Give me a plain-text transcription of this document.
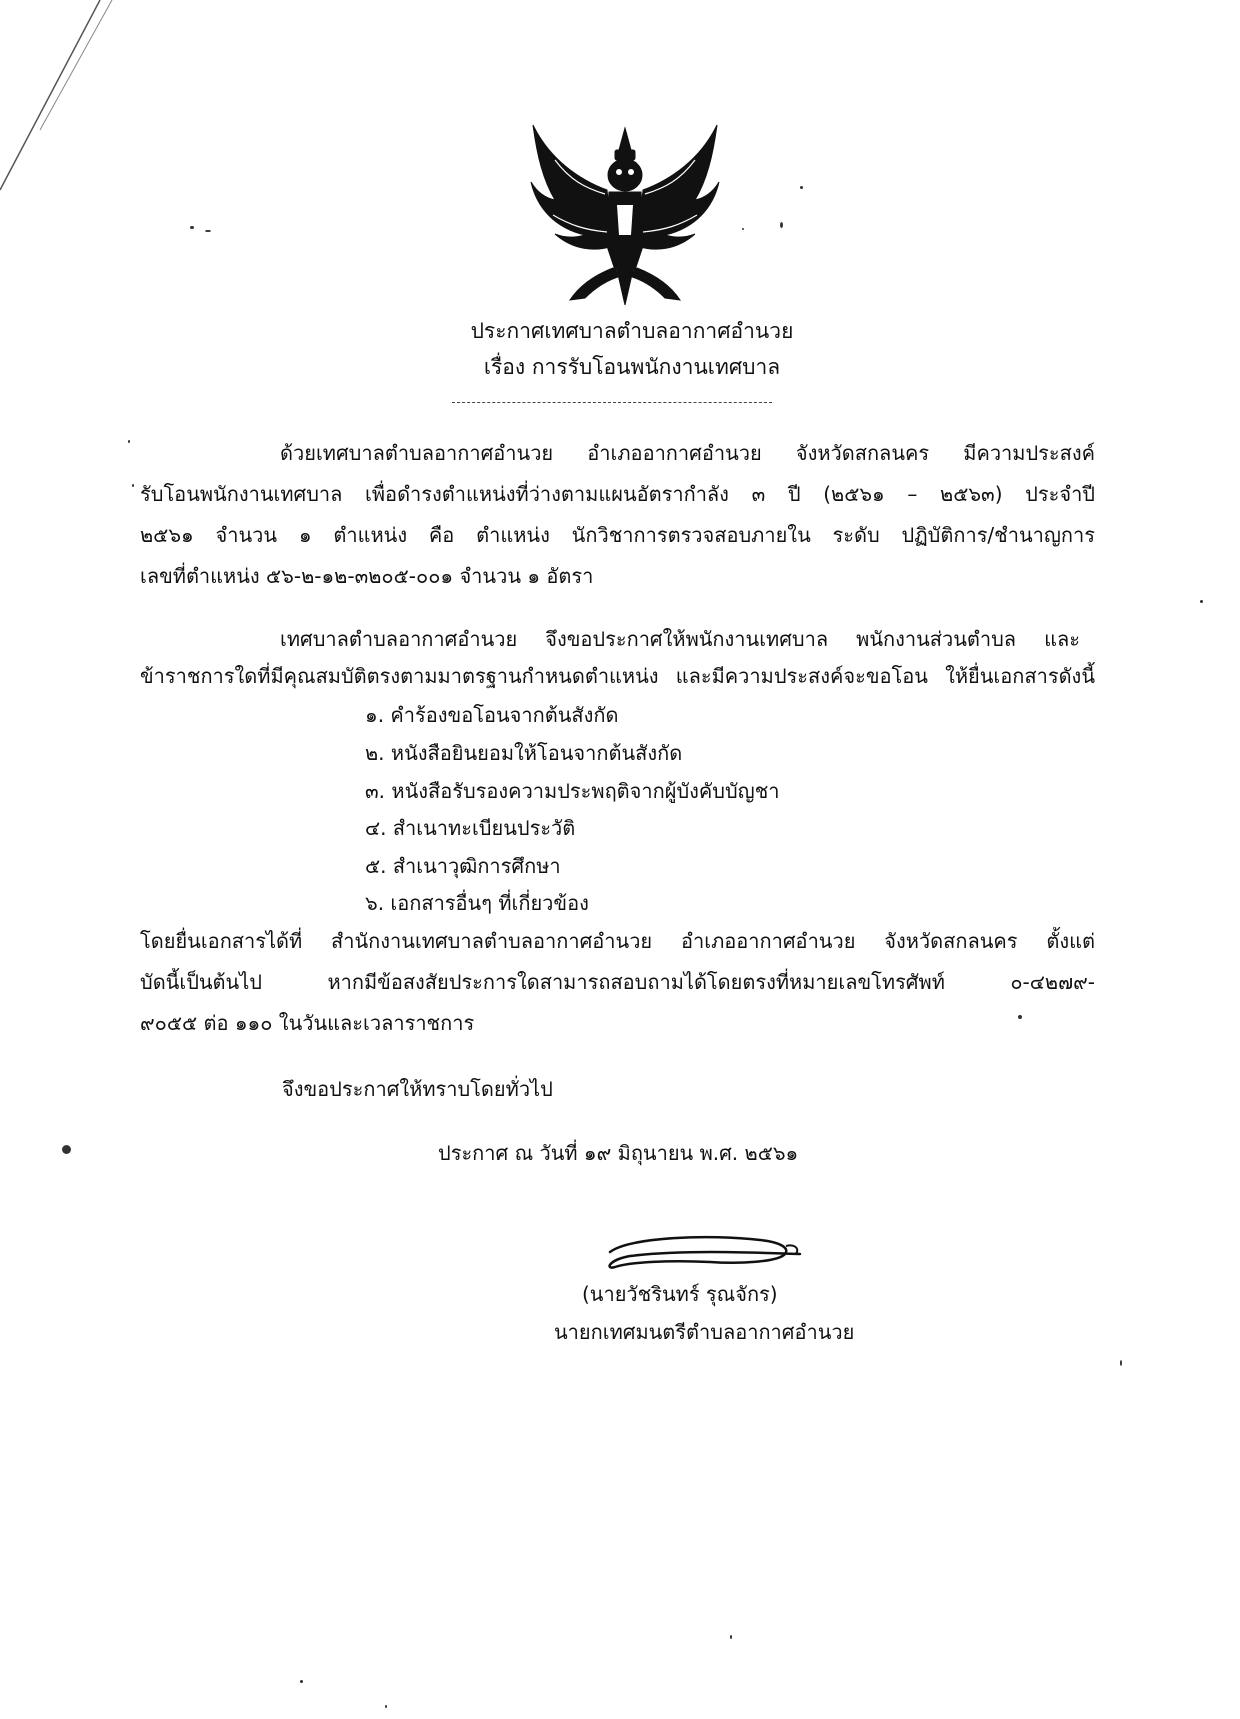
ประกาศเทศบาลตำบลอากาศอำนวย
เรื่อง การรับโอนพนักงานเทศบาล
ด้วยเทศบาลตำบลอากาศอำนวย อำเภออากาศอำนวย จังหวัดสกลนคร มีความประสงค์
รับโอนพนักงานเทศบาล เพื่อดำรงตำแหน่งที่ว่างตามแผนอัตรากำลัง ๓ ปี (๒๕๖๑ – ๒๕๖๓) ประจำปี
๒๕๖๑ จำนวน ๑ ตำแหน่ง คือ ตำแหน่ง นักวิชาการตรวจสอบภายใน ระดับ ปฏิบัติการ/ชำนาญการ
เลขที่ตำแหน่ง ๕๖-๒-๑๒-๓๒๐๕-๐๐๑ จำนวน ๑ อัตรา
เทศบาลตำบลอากาศอำนวย จึงขอประกาศให้พนักงานเทศบาล พนักงานส่วนตำบล และ
ข้าราชการใดที่มีคุณสมบัติตรงตามมาตรฐานกำหนดตำแหน่ง และมีความประสงค์จะขอโอน ให้ยื่นเอกสารดังนี้
๑. คำร้องขอโอนจากต้นสังกัด
๒. หนังสือยินยอมให้โอนจากต้นสังกัด
๓. หนังสือรับรองความประพฤติจากผู้บังคับบัญชา
๔. สำเนาทะเบียนประวัติ
๕. สำเนาวุฒิการศึกษา
๖. เอกสารอื่นๆ ที่เกี่ยวข้อง
โดยยื่นเอกสารได้ที่ สำนักงานเทศบาลตำบลอากาศอำนวย อำเภออากาศอำนวย จังหวัดสกลนคร ตั้งแต่
บัดนี้เป็นต้นไป หากมีข้อสงสัยประการใดสามารถสอบถามได้โดยตรงที่หมายเลขโทรศัพท์ ๐-๔๒๗๙-
๙๐๕๕ ต่อ ๑๑๐ ในวันและเวลาราชการ
จึงขอประกาศให้ทราบโดยทั่วไป
ประกาศ ณ วันที่ ๑๙ มิถุนายน พ.ศ. ๒๕๖๑
(นายวัชรินทร์ รุณจักร)
นายกเทศมนตรีตำบลอากาศอำนวย
